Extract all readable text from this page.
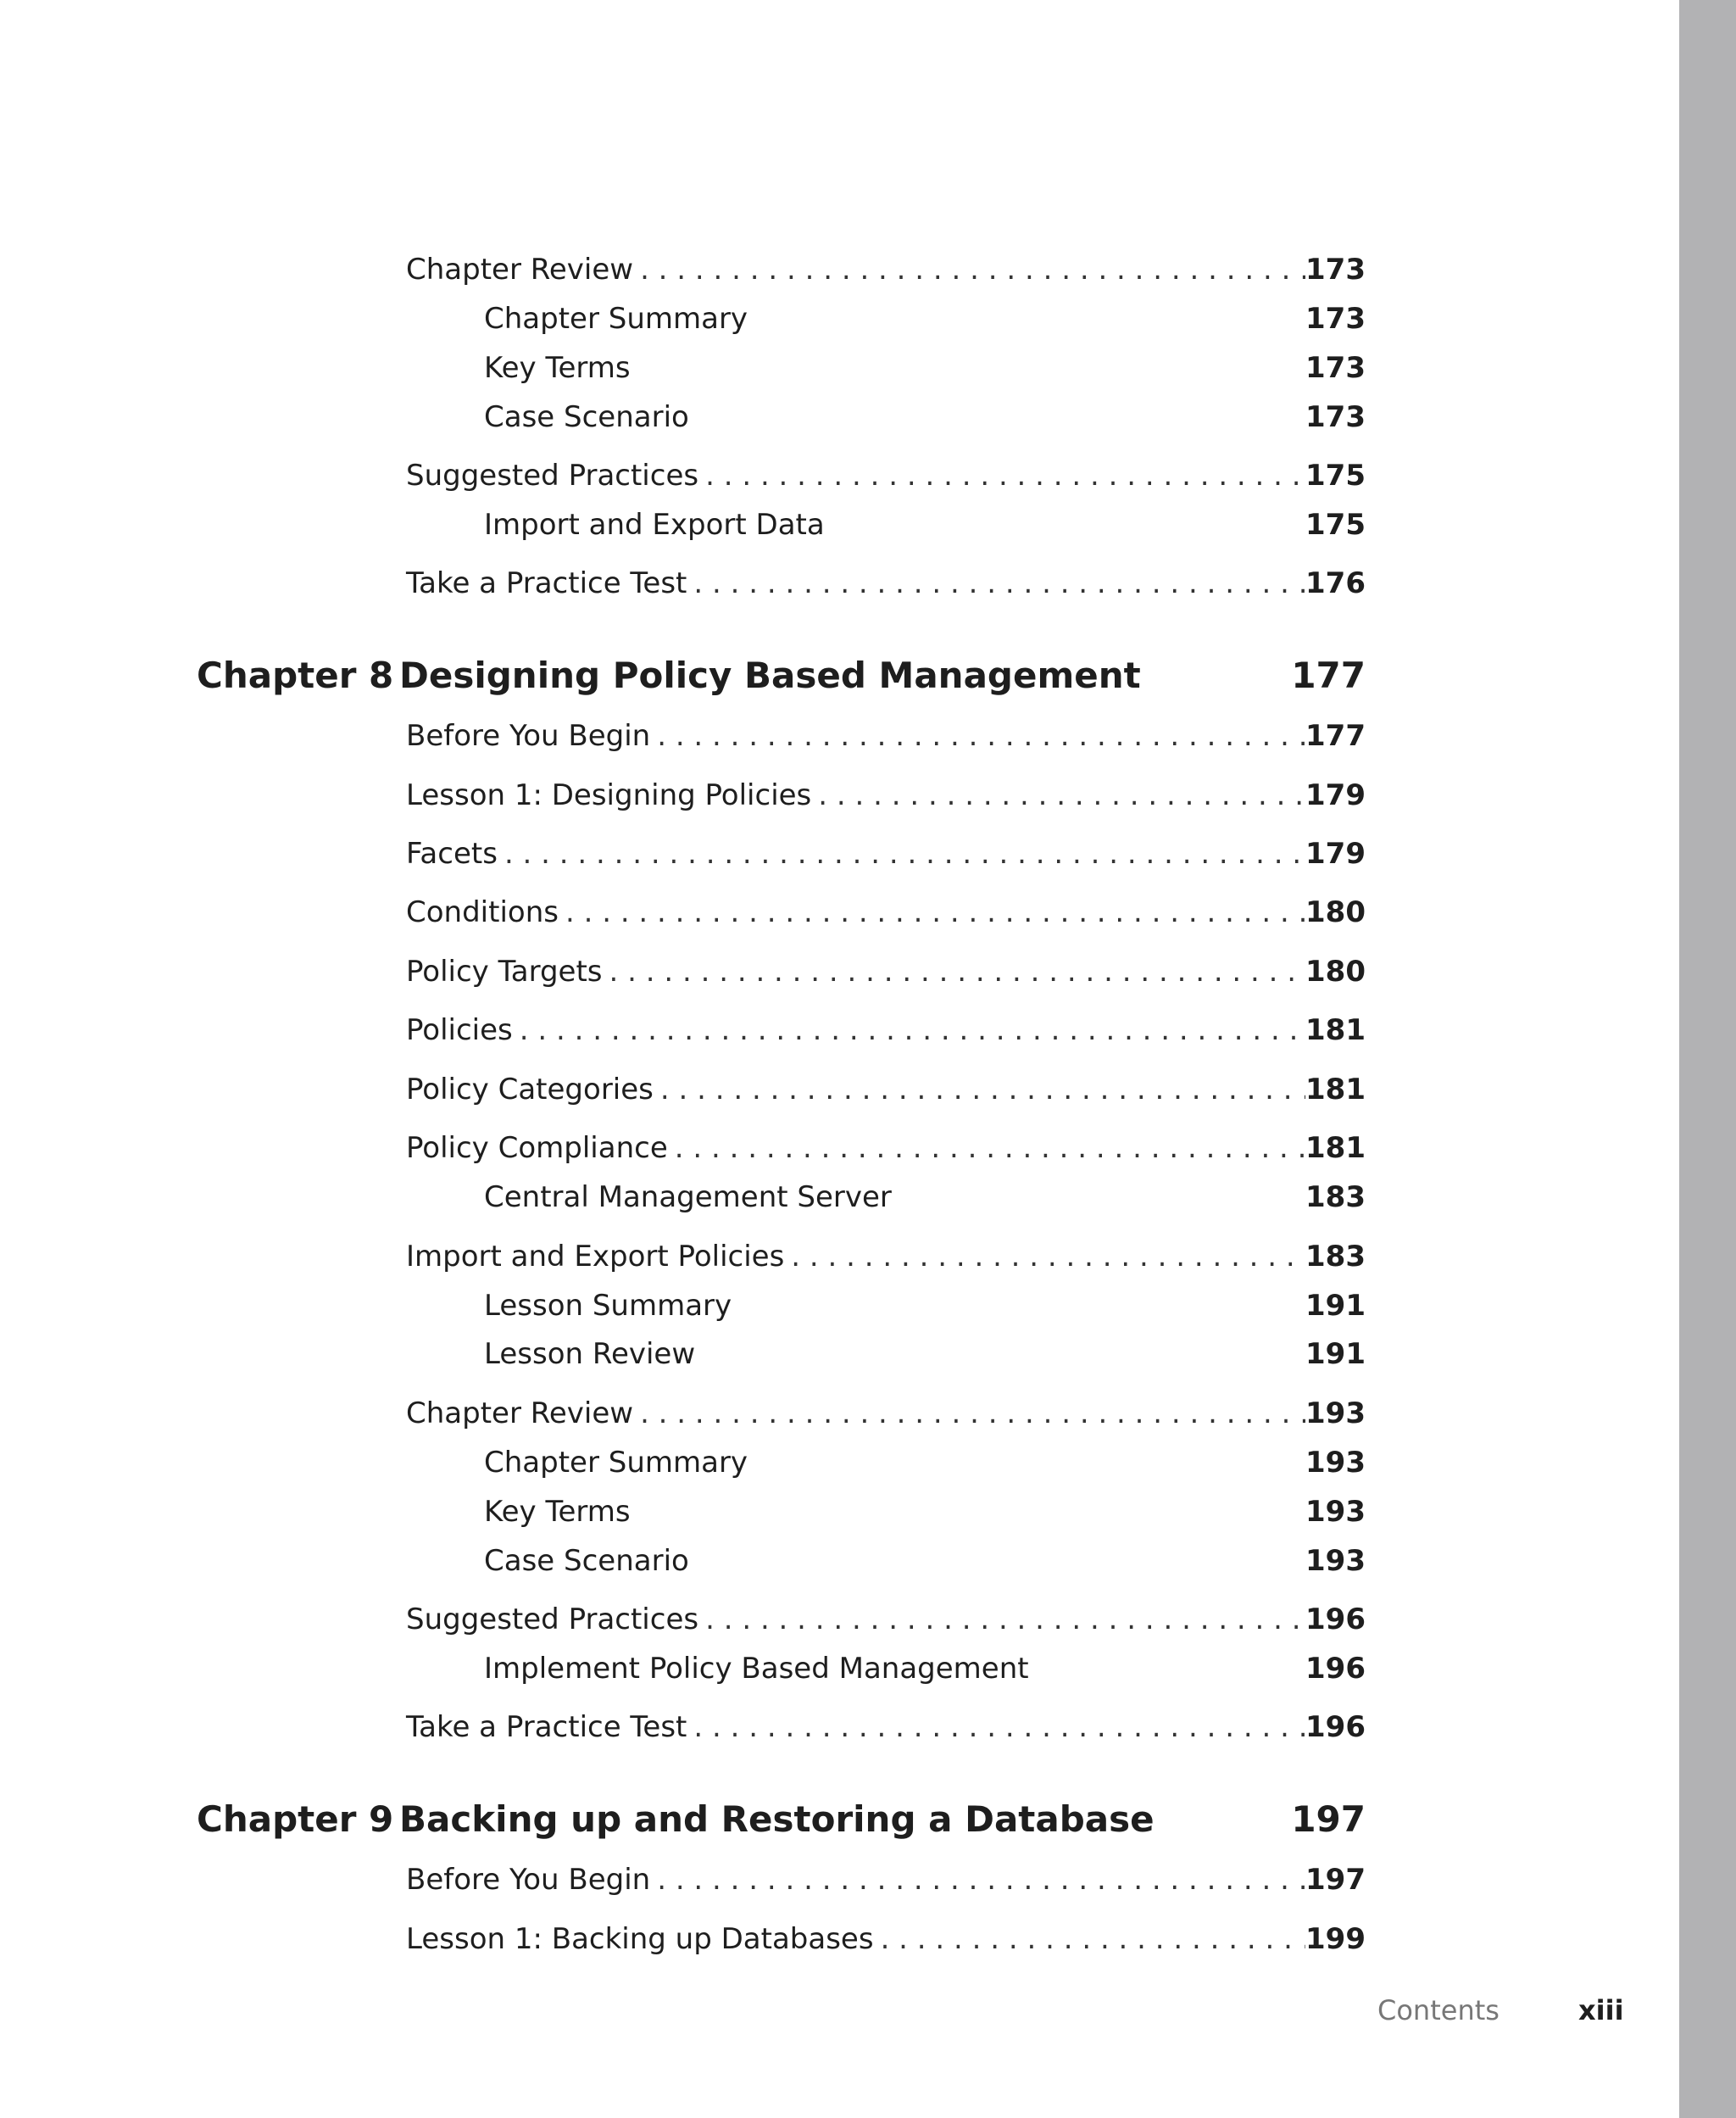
Chapter Review . . .	173
Chapter Summary	173
Key Terms	173
Case Scenario	173
Suggested Practices . . .	175
Import and Export Data	175
Take a Practice Test . . .	176
Chapter 8 Designing Policy Based Management	177
Before You Begin . . .	177
Lesson 1: Designing Policies . . .	179
Facets . . .	179
Conditions . . .	180
Policy Targets . . .	180
Policies . . .	181
Policy Categories . . .	181
Policy Compliance . . .	181
Central Management Server	183
Import and Export Policies . . .	183
Lesson Summary	191
Lesson Review	191
Chapter Review . . .	193
Chapter Summary	193
Key Terms	193
Case Scenario	193
Suggested Practices . . .	196
Implement Policy Based Management	196
Take a Practice Test . . .	196
Chapter 9 Backing up and Restoring a Database	197
Before You Begin . . .	197
Lesson 1: Backing up Databases . . .	199
Contents	xiii
